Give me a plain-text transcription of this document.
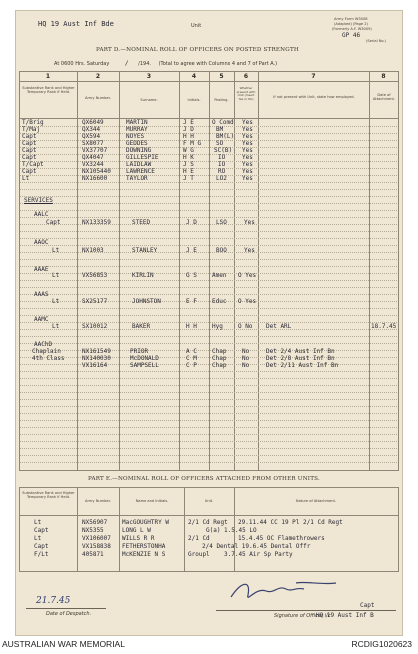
HQ 19 Aust Inf Bde	Unit
Army Form W3008
(Adapted) (Page 2)
(Formerly A.F. W3009)
GP 46
(Serial No.)
PART D.—NOMINAL ROLL OF OFFICERS ON POSTED STRENGTH
At 0600 Hrs. Saturday	/ /194. (Total to agree with Columns 4 and 7 of Part A.)
1	2	3	4	5	6	7	8
Substantive Rank and Higher Temporary Rank if Held.
Army Number.	Surname.	Initials.	Posting.
Whether present with Unit (Insert Yes or No)	If not present with Unit, state how employed.	Date of Attachment.
T/Brig	QX6049	MARTIN	J E	O Comd Yes
T/Maj	QX344	MURRAY	J D	BM	Yes
Capt	QX594	NOYES	H H	BM(L) Yes
Capt	SX8077	GEDDES	F M G SO	Yes
Capt	VX37707	DOWNING	W G	SC(B) Yes
Capt	QX4047	GILLESPIE	H K	IO	Yes
T/Capt	VX3244	LAIDLAW	J S	IO	Yes
Capt	NX105440	LAWRENCE	H E	RO	Yes
Lt	NX16600	TAYLOR	J T	LO2	Yes
SERVICES
AALC
Capt	NX133359	STEED	J D	LSO	Yes
AAOC
Lt	NX1003	STANLEY	J E	BOO	Yes
AAAE
Lt	VX56853	KIRLIN	G S	Amen O Yes
AAAS
Lt	SX25177	JOHNSTON	E F	Educ O Yes
AAMC
Lt	SX10012	BAKER	H H	Hyg	O No Det ARL	18.7.45
AAChD
Chaplain 4th Class
NX161549	PRIOR	A C	Chap	No	Det 2/4 Aust Inf Bn
NX140030	McDONALD	C M	Chap	No	Det 2/8 Aust Inf Bn
VX16164	SAMPSELL	C P	Chap	No	Det 2/11 Aust Inf Bn
PART E.—NOMINAL ROLL OF OFFICERS ATTACHED FROM OTHER UNITS.
Substantive Rank and Higher Temporary Rank if Held.
Army Number.	Name and Initials.	Unit.	Nature of Attachment.
Lt	NX56907 MacGOUGHTRY W	2/1 Cd Regt 29.11.44 CC 19 Pl 2/1 Cd Regt
Capt	NX5355	LONG L W	G(a) 1.5.45 LO
Lt	VX106007 WILLS R R	2/1 Cd	15.4.45 OC Flamethrowers
Capt	VX158838 FETHERSTONHA	2/4 Dental 19.6.45 Dental Offr
F/Lt	405871	McKENZIE N S	Groupl 3.7.45 Air Sp Party
21.7.45
Date of Despatch.
Capt
Signature of Officer i/c
HQ 19 Aust Inf B
AUSTRALIAN WAR MEMORIAL	RCDIG1020623
